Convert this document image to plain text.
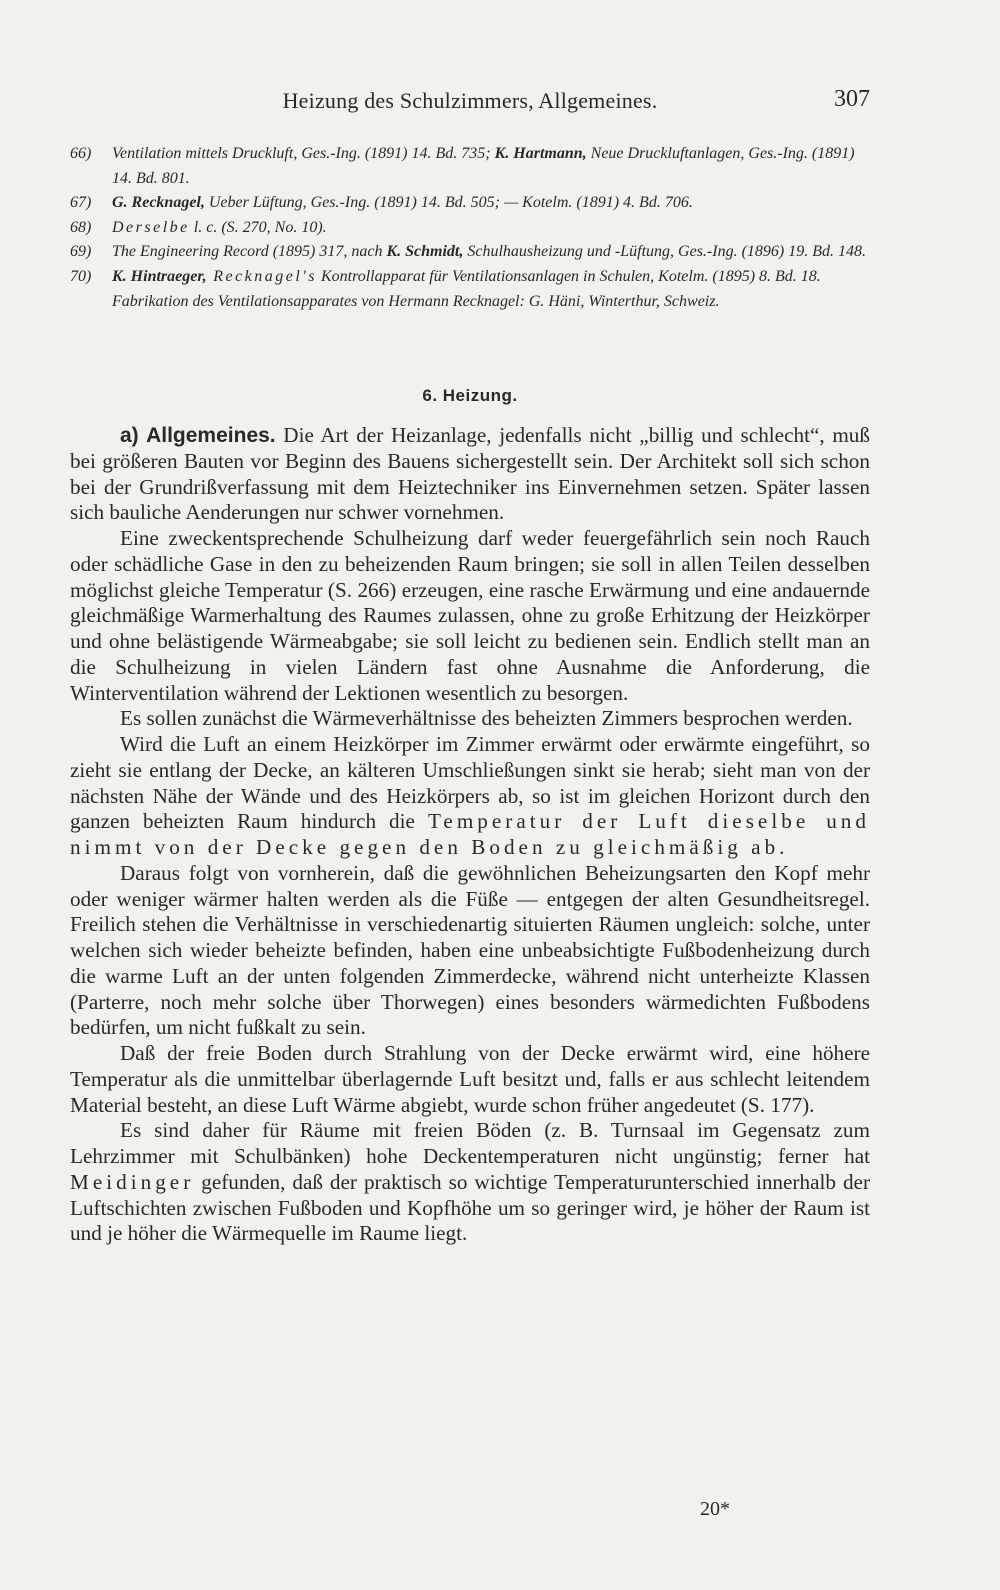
Heizung des Schulzimmers, Allgemeines.	307
66)	Ventilation mittels Druckluft, Ges.-Ing. (1891) 14. Bd. 735; K. Hartmann, Neue Druckluftanlagen, Ges.-Ing. (1891) 14. Bd. 801.
67)	G. Recknagel, Ueber Lüftung, Ges.-Ing. (1891) 14. Bd. 505; — Kotelm. (1891) 4. Bd. 706.
68)	Derselbe l. c. (S. 270, No. 10).
69)	The Engineering Record (1895) 317, nach K. Schmidt, Schulhausheizung und -Lüftung, Ges.-Ing. (1896) 19. Bd. 148.
70)	K. Hintraeger, Recknagel's Kontrollapparat für Ventilationsanlagen in Schulen, Kotelm. (1895) 8. Bd. 18. Fabrikation des Ventilationsapparates von Hermann Recknagel: G. Häni, Winterthur, Schweiz.
6. Heizung.

a) Allgemeines. Die Art der Heizanlage, jedenfalls nicht „billig und schlecht“, muß bei größeren Bauten vor Beginn des Bauens sichergestellt sein. Der Architekt soll sich schon bei der Grundrißverfassung mit dem Heiztechniker ins Einvernehmen setzen. Später lassen sich bauliche Aenderungen nur schwer vornehmen.

Eine zweckentsprechende Schulheizung darf weder feuergefährlich sein noch Rauch oder schädliche Gase in den zu beheizenden Raum bringen; sie soll in allen Teilen desselben möglichst gleiche Temperatur (S. 266) erzeugen, eine rasche Erwärmung und eine andauernde gleichmäßige Warmerhaltung des Raumes zulassen, ohne zu große Erhitzung der Heizkörper und ohne belästigende Wärmeabgabe; sie soll leicht zu bedienen sein. Endlich stellt man an die Schulheizung in vielen Ländern fast ohne Ausnahme die Anforderung, die Winterventilation während der Lektionen wesentlich zu besorgen.

Es sollen zunächst die Wärmeverhältnisse des beheizten Zimmers besprochen werden.

Wird die Luft an einem Heizkörper im Zimmer erwärmt oder erwärmte eingeführt, so zieht sie entlang der Decke, an kälteren Umschließungen sinkt sie herab; sieht man von der nächsten Nähe der Wände und des Heizkörpers ab, so ist im gleichen Horizont durch den ganzen beheizten Raum hindurch die Temperatur der Luft dieselbe und nimmt von der Decke gegen den Boden zu gleichmäßig ab.

Daraus folgt von vornherein, daß die gewöhnlichen Beheizungsarten den Kopf mehr oder weniger wärmer halten werden als die Füße — entgegen der alten Gesundheitsregel. Freilich stehen die Verhältnisse in verschiedenartig situierten Räumen ungleich: solche, unter welchen sich wieder beheizte befinden, haben eine unbeabsichtigte Fußbodenheizung durch die warme Luft an der unten folgenden Zimmerdecke, während nicht unterheizte Klassen (Parterre, noch mehr solche über Thorwegen) eines besonders wärmedichten Fußbodens bedürfen, um nicht fußkalt zu sein.

Daß der freie Boden durch Strahlung von der Decke erwärmt wird, eine höhere Temperatur als die unmittelbar überlagernde Luft besitzt und, falls er aus schlecht leitendem Material besteht, an diese Luft Wärme abgiebt, wurde schon früher angedeutet (S. 177).

Es sind daher für Räume mit freien Böden (z. B. Turnsaal im Gegensatz zum Lehrzimmer mit Schulbänken) hohe Deckentemperaturen nicht ungünstig; ferner hat Meidinger gefunden, daß der praktisch so wichtige Temperaturunterschied innerhalb der Luftschichten zwischen Fußboden und Kopfhöhe um so geringer wird, je höher der Raum ist und je höher die Wärmequelle im Raume liegt.

20*
